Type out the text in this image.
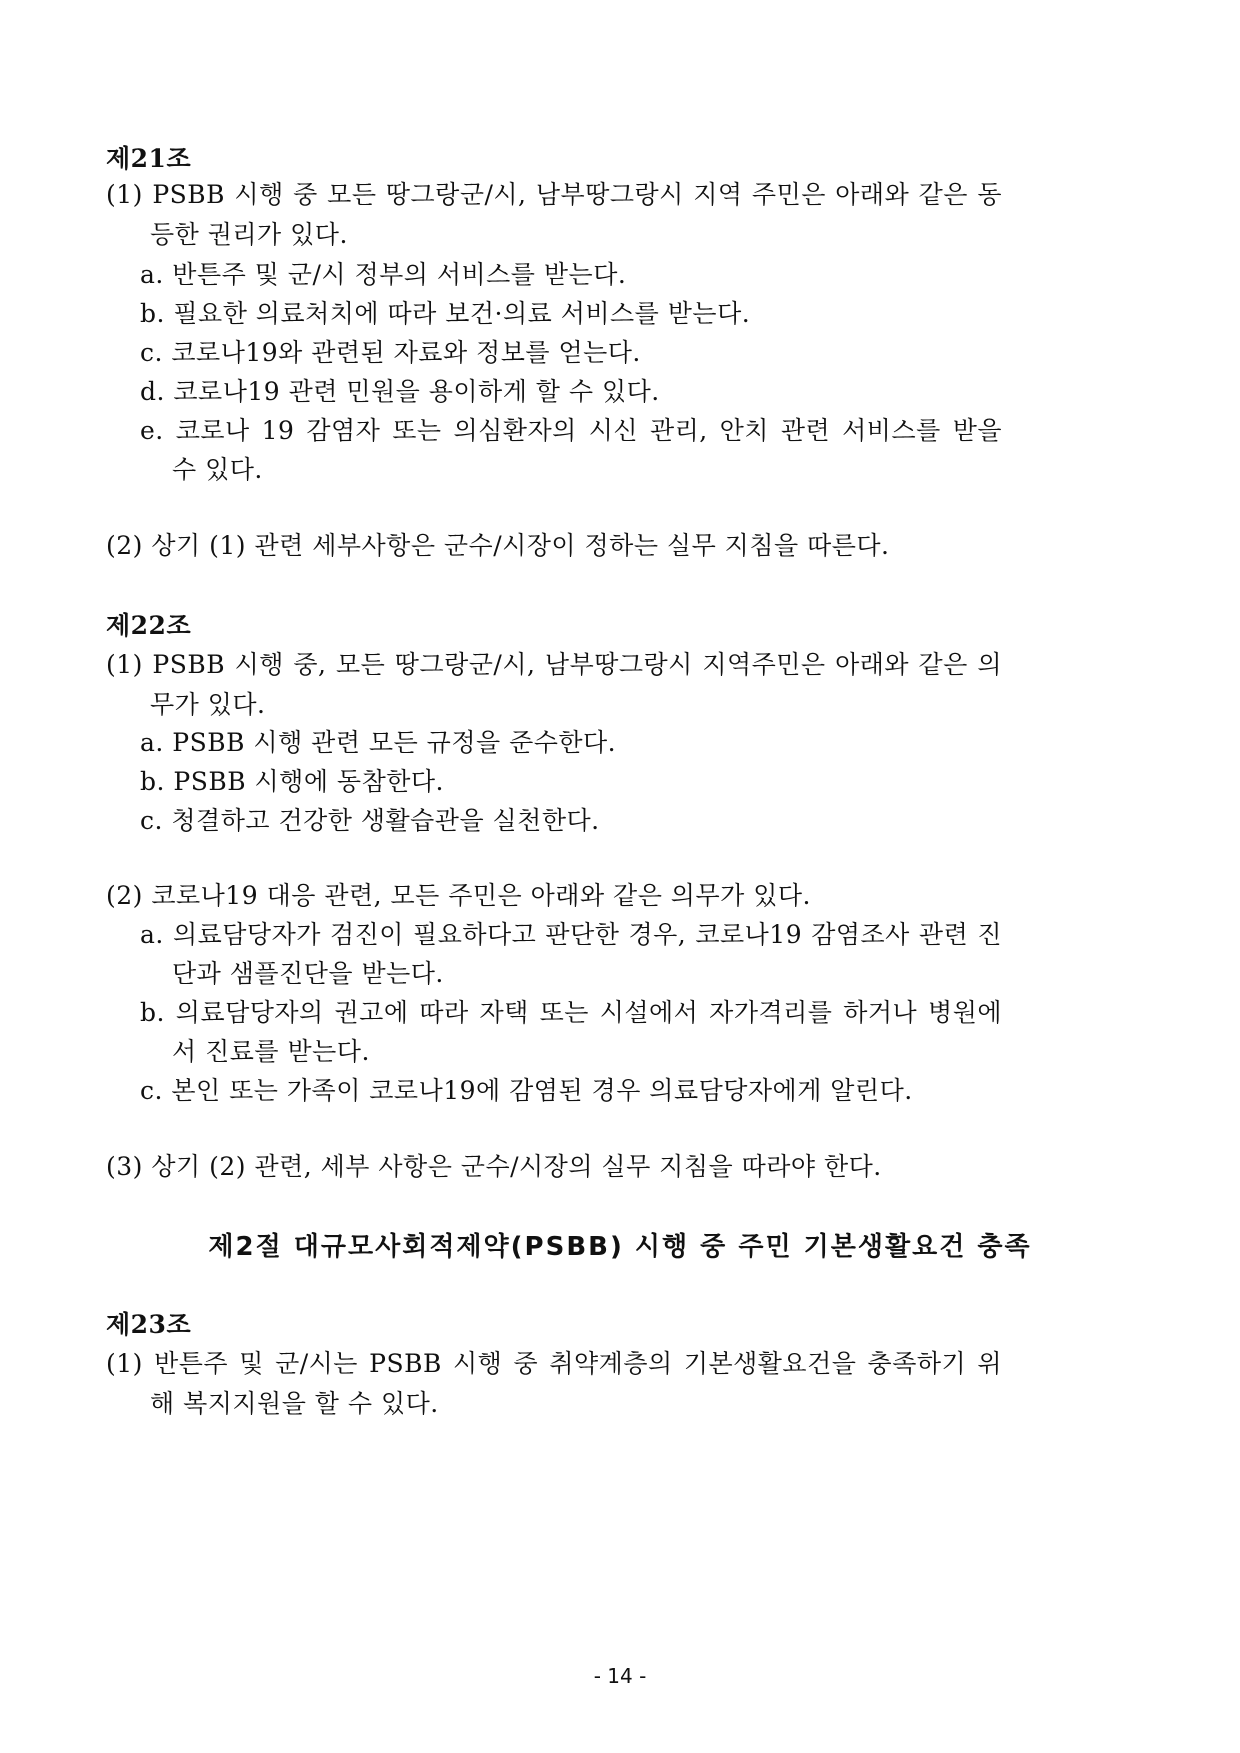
제21조
(1) PSBB 시행 중 모든 땅그랑군/시, 남부땅그랑시 지역 주민은 아래와 같은 동
등한 권리가 있다.
a. 반튼주 및 군/시 정부의 서비스를 받는다.
b. 필요한 의료처치에 따라 보건·의료 서비스를 받는다.
c. 코로나19와 관련된 자료와 정보를 얻는다.
d. 코로나19 관련 민원을 용이하게 할 수 있다.
e. 코로나 19 감염자 또는 의심환자의 시신 관리, 안치 관련 서비스를 받을
수 있다.
(2) 상기 (1) 관련 세부사항은 군수/시장이 정하는 실무 지침을 따른다.
제22조
(1) PSBB 시행 중, 모든 땅그랑군/시, 남부땅그랑시 지역주민은 아래와 같은 의
무가 있다.
a. PSBB 시행 관련 모든 규정을 준수한다.
b. PSBB 시행에 동참한다.
c. 청결하고 건강한 생활습관을 실천한다.
(2) 코로나19 대응 관련, 모든 주민은 아래와 같은 의무가 있다.
a. 의료담당자가 검진이 필요하다고 판단한 경우, 코로나19 감염조사 관련 진
단과 샘플진단을 받는다.
b. 의료담당자의 권고에 따라 자택 또는 시설에서 자가격리를 하거나 병원에
서 진료를 받는다.
c. 본인 또는 가족이 코로나19에 감염된 경우 의료담당자에게 알린다.
(3) 상기 (2) 관련, 세부 사항은 군수/시장의 실무 지침을 따라야 한다.
제2절 대규모사회적제약(PSBB) 시행 중 주민 기본생활요건 충족
제23조
(1) 반튼주 및 군/시는 PSBB 시행 중 취약계층의 기본생활요건을 충족하기 위
해 복지지원을 할 수 있다.
- 14 -
